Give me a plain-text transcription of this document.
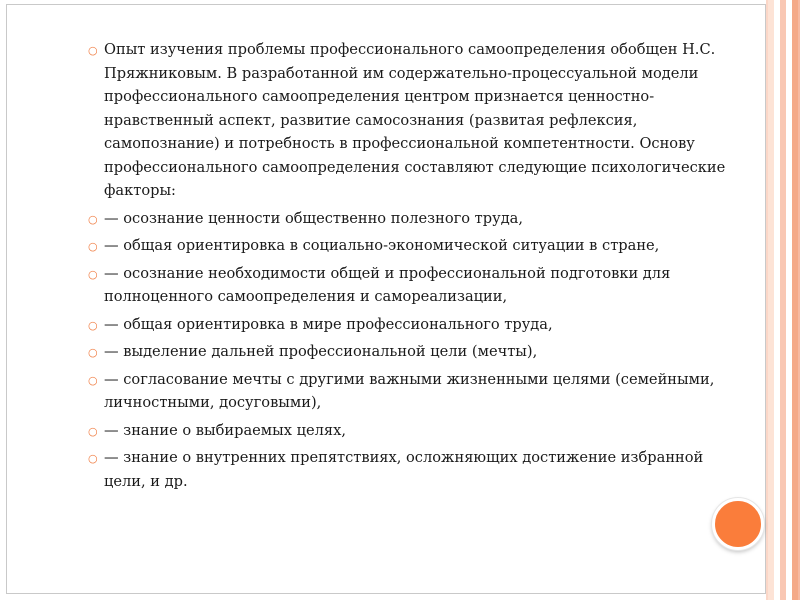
○ Опыт изучения проблемы профессионального самоопределения обобщен Н.С. Пряжниковым. В разработанной им содержательно-процессуальной модели профессионального самоопределения центром признается ценностно-нравственный аспект, развитие самосознания (развитая рефлексия, самопознание) и потребность в профессиональной компетентности. Основу профессионального самоопределения составляют следующие психологические факторы:
○ — осознание ценности общественно полезного труда,
○ — общая ориентировка в социально-экономической ситуации в стране,
○ — осознание необходимости общей и профессиональной подготовки для полноценного самоопределения и самореализации,
○ — общая ориентировка в мире профессионального труда,
○ — выделение дальней профессиональной цели (мечты),
○ — согласование мечты с другими важными жизненными целями (семейными, личностными, досуговыми),
○ — знание о выбираемых целях,
○ — знание о внутренних препятствиях, осложняющих достижение избранной цели, и др.
